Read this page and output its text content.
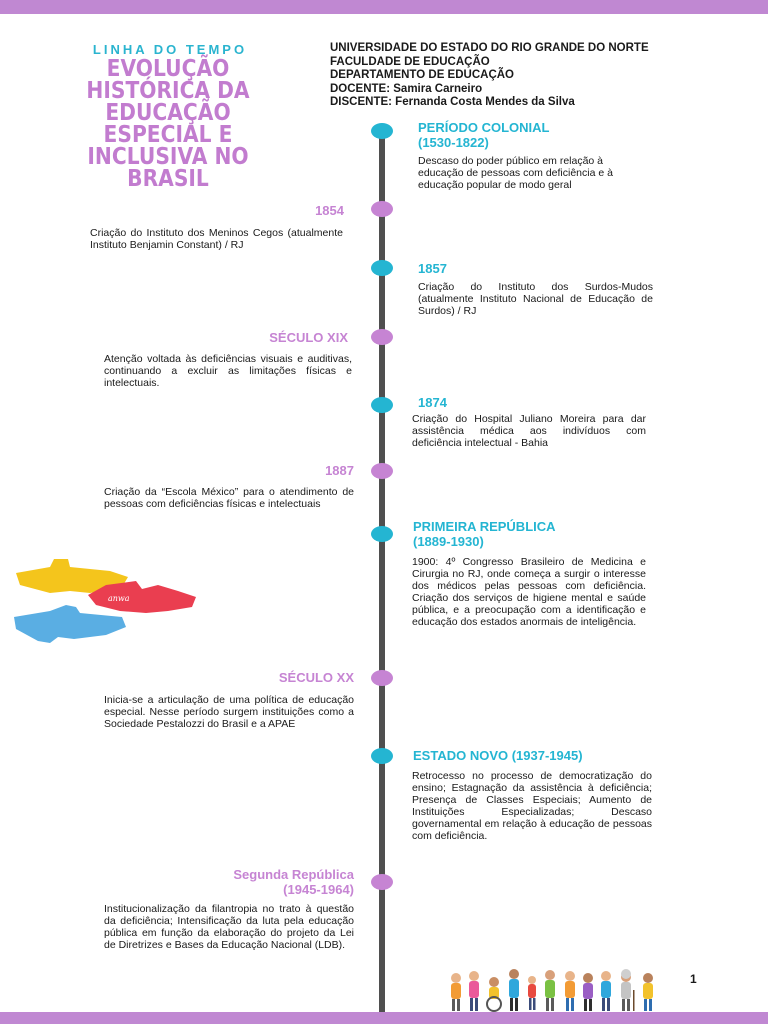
LINHA DO TEMPO
EVOLUÇÃO
HISTÓRICA DA
EDUCAÇÃO
ESPECIAL E
INCLUSIVA NO
BRASIL
UNIVERSIDADE DO ESTADO DO RIO GRANDE DO NORTE
FACULDADE DE EDUCAÇÃO
DEPARTAMENTO DE EDUCAÇÃO
DOCENTE: Samira Carneiro
DISCENTE: Fernanda Costa Mendes da Silva
PERÍODO COLONIAL
(1530-1822)
Descaso do poder público em relação à educação de pessoas com deficiência e à educação popular de modo geral
1854
Criação do Instituto dos Meninos Cegos (atualmente Instituto Benjamin Constant) / RJ
1857
Criação do Instituto dos Surdos-Mudos (atualmente Instituto Nacional de Educação de Surdos) / RJ
SÉCULO XIX
Atenção voltada às deficiências visuais e auditivas, continuando a excluir as limitações físicas e intelectuais.
1874
Criação do Hospital Juliano Moreira para dar assistência médica aos indivíduos com deficiência intelectual - Bahia
1887
Criação da “Escola México” para o atendimento de pessoas com deficiências físicas e intelectuais
PRIMEIRA REPÚBLICA
(1889-1930)
1900: 4º Congresso Brasileiro de Medicina e Cirurgia no RJ, onde começa a surgir o interesse dos médicos pelas pessoas com deficiência. Criação dos serviços de higiene mental e saúde pública, e a preocupação com a identificação e educação dos estados anormais de inteligência.
SÉCULO XX
Inicia-se a articulação de uma política de educação especial. Nesse período surgem instituições como a Sociedade Pestalozzi do Brasil e a APAE
ESTADO NOVO (1937-1945)
Retrocesso no processo de democratização do ensino; Estagnação da assistência à deficiência; Presença de Classes Especiais; Aumento de Instituições Especializadas; Descaso governamental em relação à educação de pessoas com deficiência.
Segunda República
(1945-1964)
Institucionalização da filantropia no trato à questão da deficiência; Intensificação da luta pela educação pública em função da elaboração do projeto da Lei de Diretrizes e Bases da Educação Nacional (LDB).
anwa
1
